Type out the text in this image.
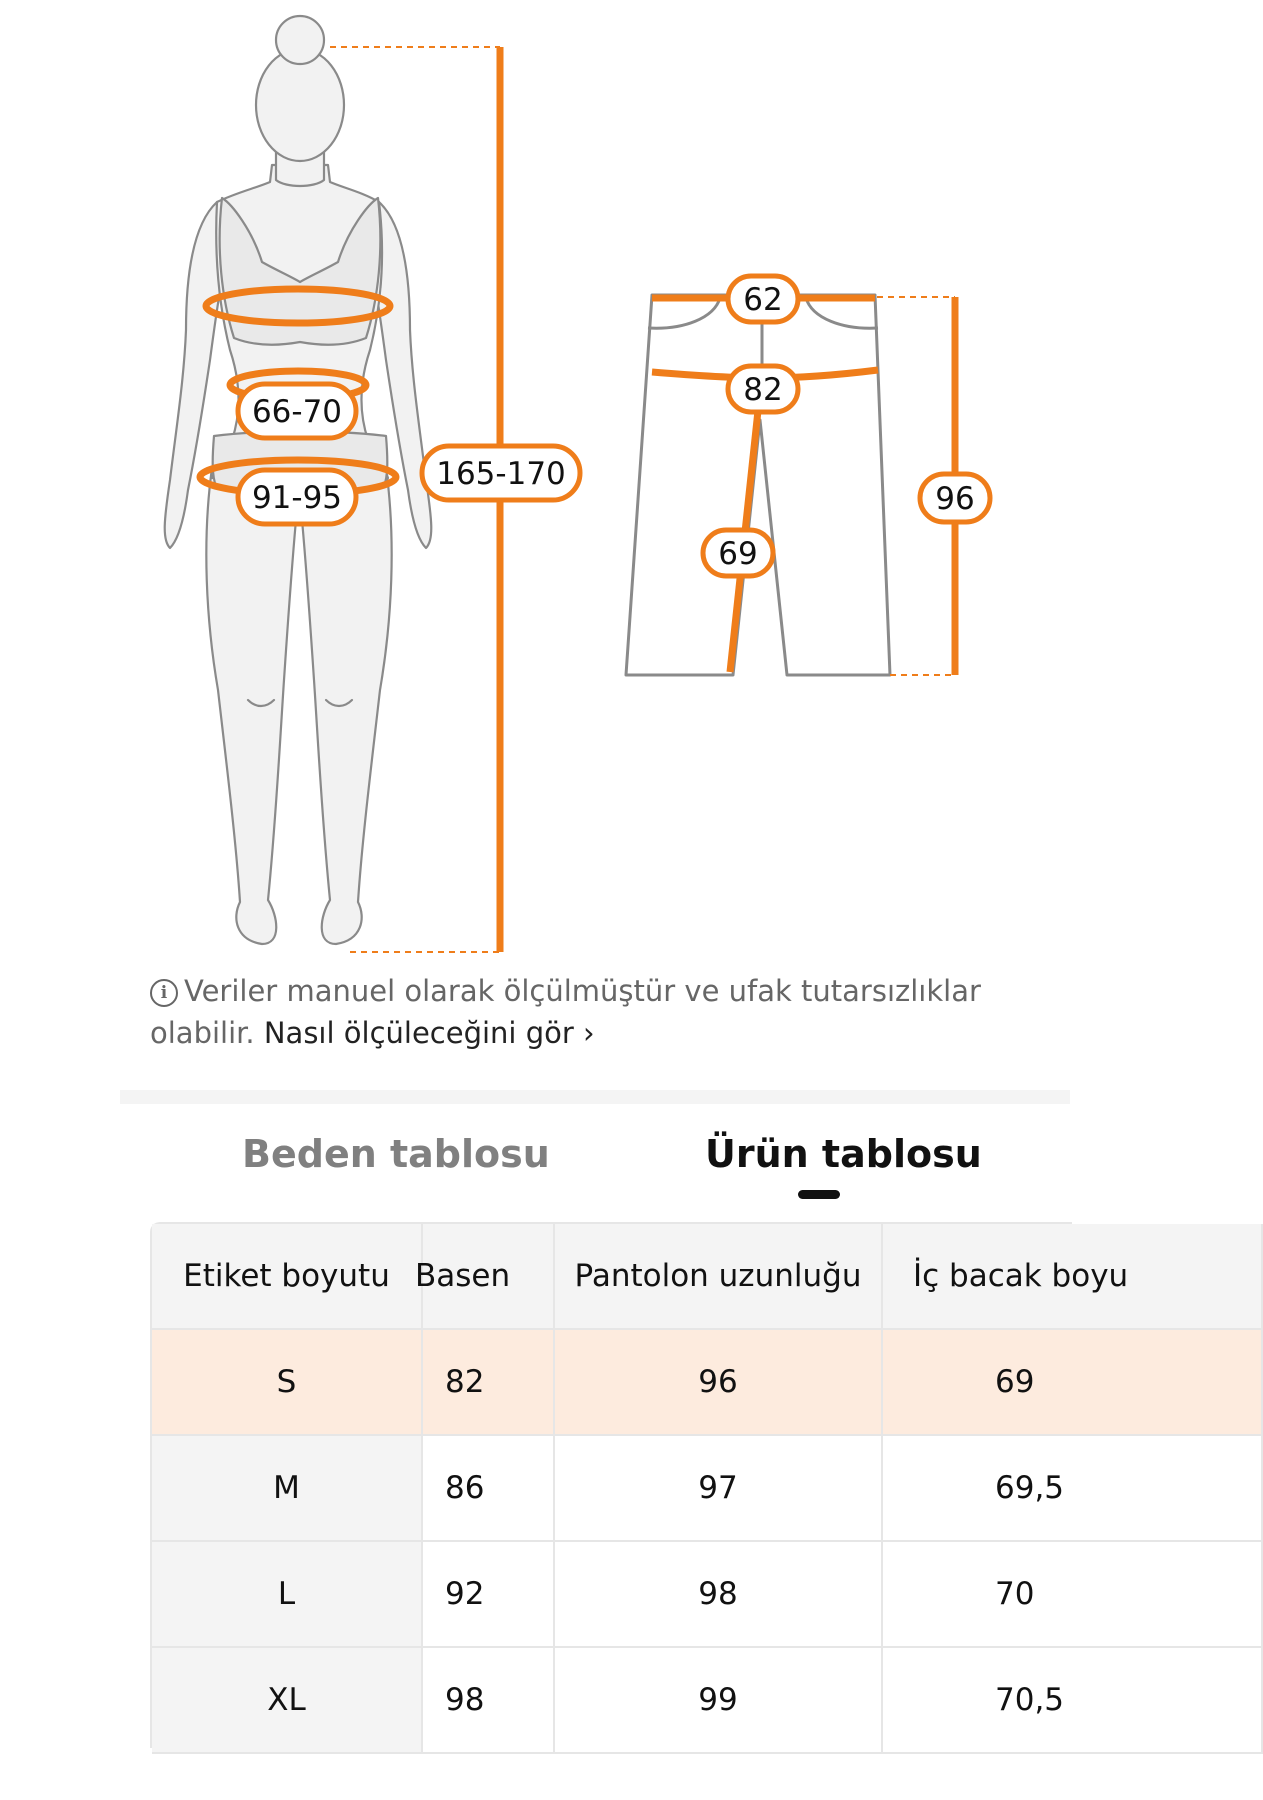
66-70
91-95
165-170
62
82
69
96
i Veriler manuel olarak ölçülmüştür ve ufak tutarsızlıklar olabilir. Nasıl ölçüleceğini gör ›
Beden tablosu	Ürün tablosu
Etiket boyutu	Basen	Pantolon uzunluğu	İç bacak boyu
S	82	96	69
M	86	97	69,5
L	92	98	70
XL	98	99	70,5
